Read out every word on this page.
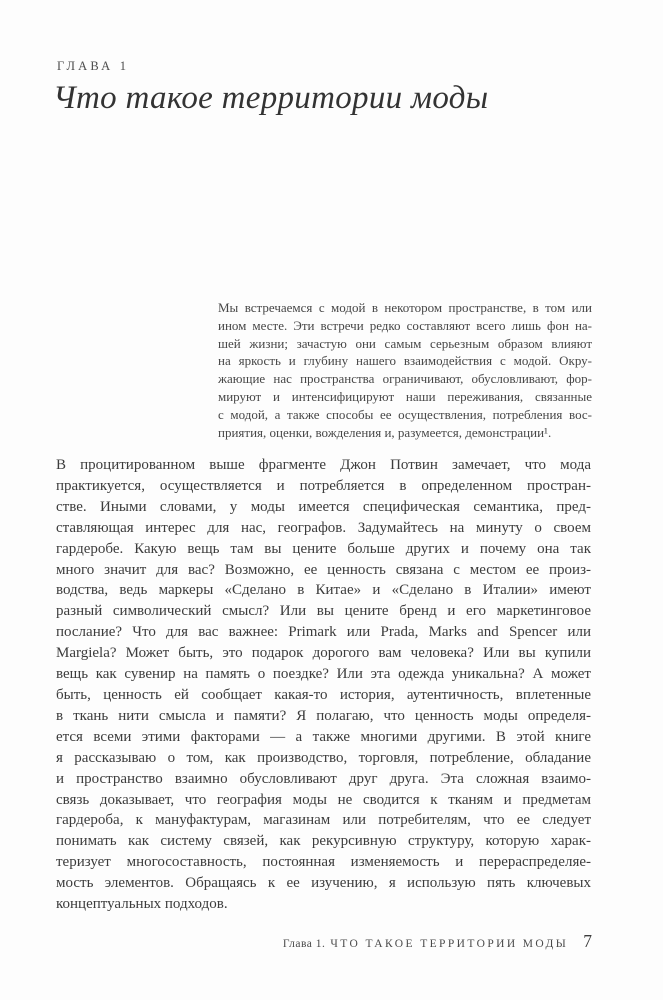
ГЛАВА 1
Что такое территории моды
Мы встречаемся с модой в некотором пространстве, в том или
ином месте. Эти встречи редко составляют всего лишь фон на-
шей жизни; зачастую они самым серьезным образом влияют
на яркость и глубину нашего взаимодействия с модой. Окру-
жающие нас пространства ограничивают, обусловливают, фор-
мируют и интенсифицируют наши переживания, связанные
с модой, а также способы ее осуществления, потребления вос-
приятия, оценки, вожделения и, разумеется, демонстрации¹.
В процитированном выше фрагменте Джон Потвин замечает, что мода
практикуется, осуществляется и потребляется в определенном простран-
стве. Иными словами, у моды имеется специфическая семантика, пред-
ставляющая интерес для нас, географов. Задумайтесь на минуту о своем
гардеробе. Какую вещь там вы цените больше других и почему она так
много значит для вас? Возможно, ее ценность связана с местом ее произ-
водства, ведь маркеры «Сделано в Китае» и «Сделано в Италии» имеют
разный символический смысл? Или вы цените бренд и его маркетинговое
послание? Что для вас важнее: Primark или Prada, Marks and Spencer или
Margiela? Может быть, это подарок дорогого вам человека? Или вы купили
вещь как сувенир на память о поездке? Или эта одежда уникальна? А может
быть, ценность ей сообщает какая-то история, аутентичность, вплетенные
в ткань нити смысла и памяти? Я полагаю, что ценность моды определя-
ется всеми этими факторами — а также многими другими. В этой книге
я рассказываю о том, как производство, торговля, потребление, обладание
и пространство взаимно обусловливают друг друга. Эта сложная взаимо-
связь доказывает, что география моды не сводится к тканям и предметам
гардероба, к мануфактурам, магазинам или потребителям, что ее следует
понимать как систему связей, как рекурсивную структуру, которую харак-
теризует многосоставность, постоянная изменяемость и перераспределяе-
мость элементов. Обращаясь к ее изучению, я использую пять ключевых
концептуальных подходов.
Глава 1. ЧТО ТАКОЕ ТЕРРИТОРИИ МОДЫ 7
